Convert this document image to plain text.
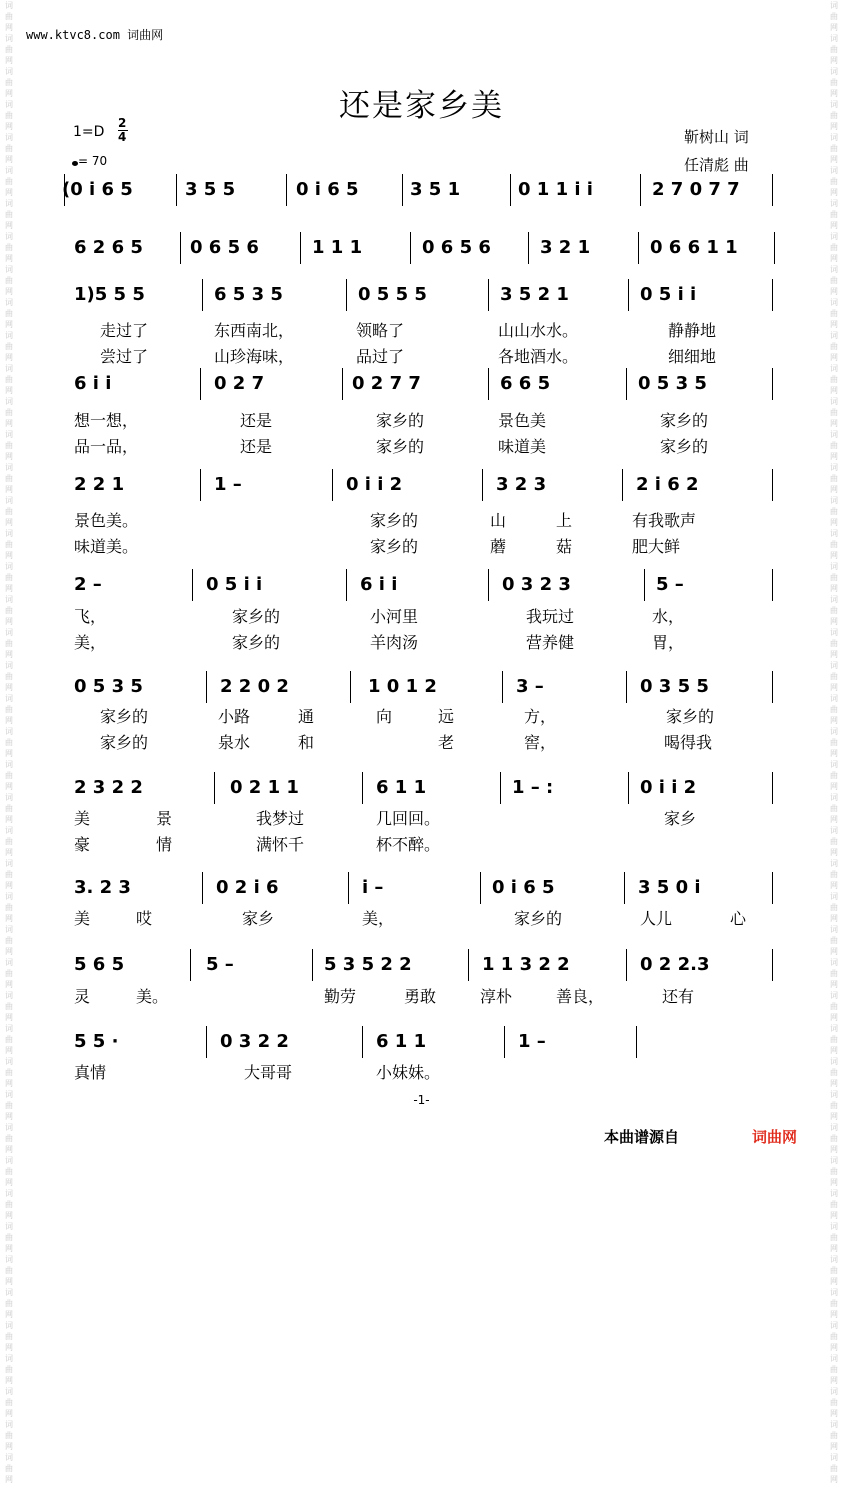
词曲网 词曲网 词曲网 词曲网 词曲网 词曲网 词曲网 词曲网 词曲网 词曲网 词曲网 词曲网 词曲网 词曲网 词曲网 词曲网 词曲网 词曲网 词曲网 词曲网 词曲网 词曲网 词曲网 词曲网 词曲网 词曲网 词曲网 词曲网 词曲网 词曲网 词曲网 词曲网 词曲网 词曲网 词曲网 词曲网 词曲网 词曲网 词曲网 词曲网 词曲网 词曲网 词曲网 词曲网 词曲网
词曲网 词曲网 词曲网 词曲网 词曲网 词曲网 词曲网 词曲网 词曲网 词曲网 词曲网 词曲网 词曲网 词曲网 词曲网 词曲网 词曲网 词曲网 词曲网 词曲网 词曲网 词曲网 词曲网 词曲网 词曲网 词曲网 词曲网 词曲网 词曲网 词曲网 词曲网 词曲网 词曲网 词曲网 词曲网 词曲网 词曲网 词曲网 词曲网 词曲网 词曲网 词曲网 词曲网 词曲网 词曲网
www.ktvc8.com 词曲网
还是家乡美
1=D
2
4
= 70
靳树山 词
任清彪 曲
(0 i 6 5	3 5 5	0 i 6 5	3 5 1	0 1 1 i i	2 7 0 7 7
6 2 6 5	0 6 5 6	1 1 1	0 6 5 6	3 2 1	0 6 6 1 1
1)5 5 5	6 5 3 5	0 5 5 5	3 5 2 1	0 5 i i
走过了	东西南北，	领略了	山山水水。	静静地
尝过了	山珍海味，	品过了	各地酒水。	细细地
6 i i	0 2 7	0 2 7 7	6 6 5	0 5 3 5
想一想，	还是	家乡的	景色美	家乡的
品一品，	还是	家乡的	味道美	家乡的
2 2 1	1 –	0 i i 2	3 2 3	2 i 6 2
景色美。	家乡的	山	上	有我歌声
味道美。	家乡的	蘑	菇	肥大鲜
2 –	0 5 i i	6 i i	0 3 2 3	5 –
飞，	家乡的	小河里	我玩过	水，
美，	家乡的	羊肉汤	营养健	胃，
0 5 3 5	2 2 0 2	1 0 1 2	3 –	0 3 5 5
家乡的	小路	通	向	远	方，	家乡的
家乡的	泉水	和	老	窖，	喝得我
2 3 2 2	0 2 1 1	6 1 1	1 – :	0 i i 2
美	景	我梦过	几回回。	家乡
豪	情	满怀千	杯不醉。
3. 2 3	0 2 i 6	i –	0 i 6 5	3 5 0 i
美	哎	家乡	美，	家乡的	人儿	心
5 6 5	5 –	5 3 5 2 2	1 1 3 2 2	0 2 2.3
灵	美。	勤劳	勇敢	淳朴	善良，	还有
5 5 ·	0 3 2 2	6 1 1	1 –
真情	大哥哥	小妹妹。
-1-
本曲谱源自	词曲网
